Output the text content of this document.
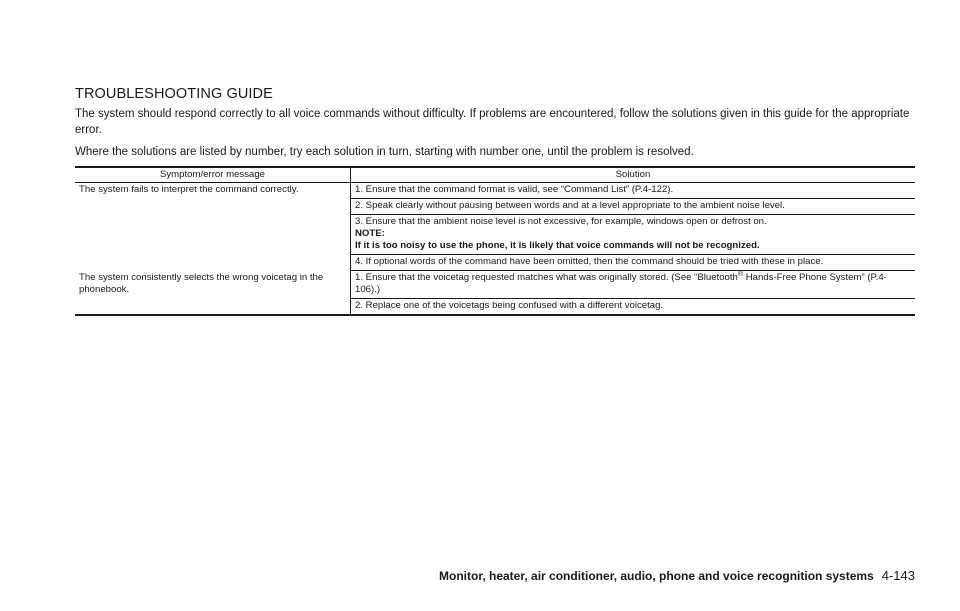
TROUBLESHOOTING GUIDE

The system should respond correctly to all voice commands without difficulty. If problems are encountered, follow the solutions given in this guide for the appropriate error.

Where the solutions are listed by number, try each solution in turn, starting with number one, until the problem is resolved.

Symptom/error message	Solution
The system fails to interpret the command correctly.	1. Ensure that the command format is valid, see “Command List” (P.4-122).
	2. Speak clearly without pausing between words and at a level appropriate to the ambient noise level.
	3. Ensure that the ambient noise level is not excessive, for example, windows open or defrost on.
NOTE:
If it is too noisy to use the phone, it is likely that voice commands will not be recognized.

	4. If optional words of the command have been omitted, then the command should be tried with these in place.
The system consistently selects the wrong voicetag in the phonebook.	1. Ensure that the voicetag requested matches what was originally stored. (See “Bluetooth® Hands-Free Phone System” (P.4-106).)
	2. Replace one of the voicetags being confused with a different voicetag.
Monitor, heater, air conditioner, audio, phone and voice recognition systems 4-143
